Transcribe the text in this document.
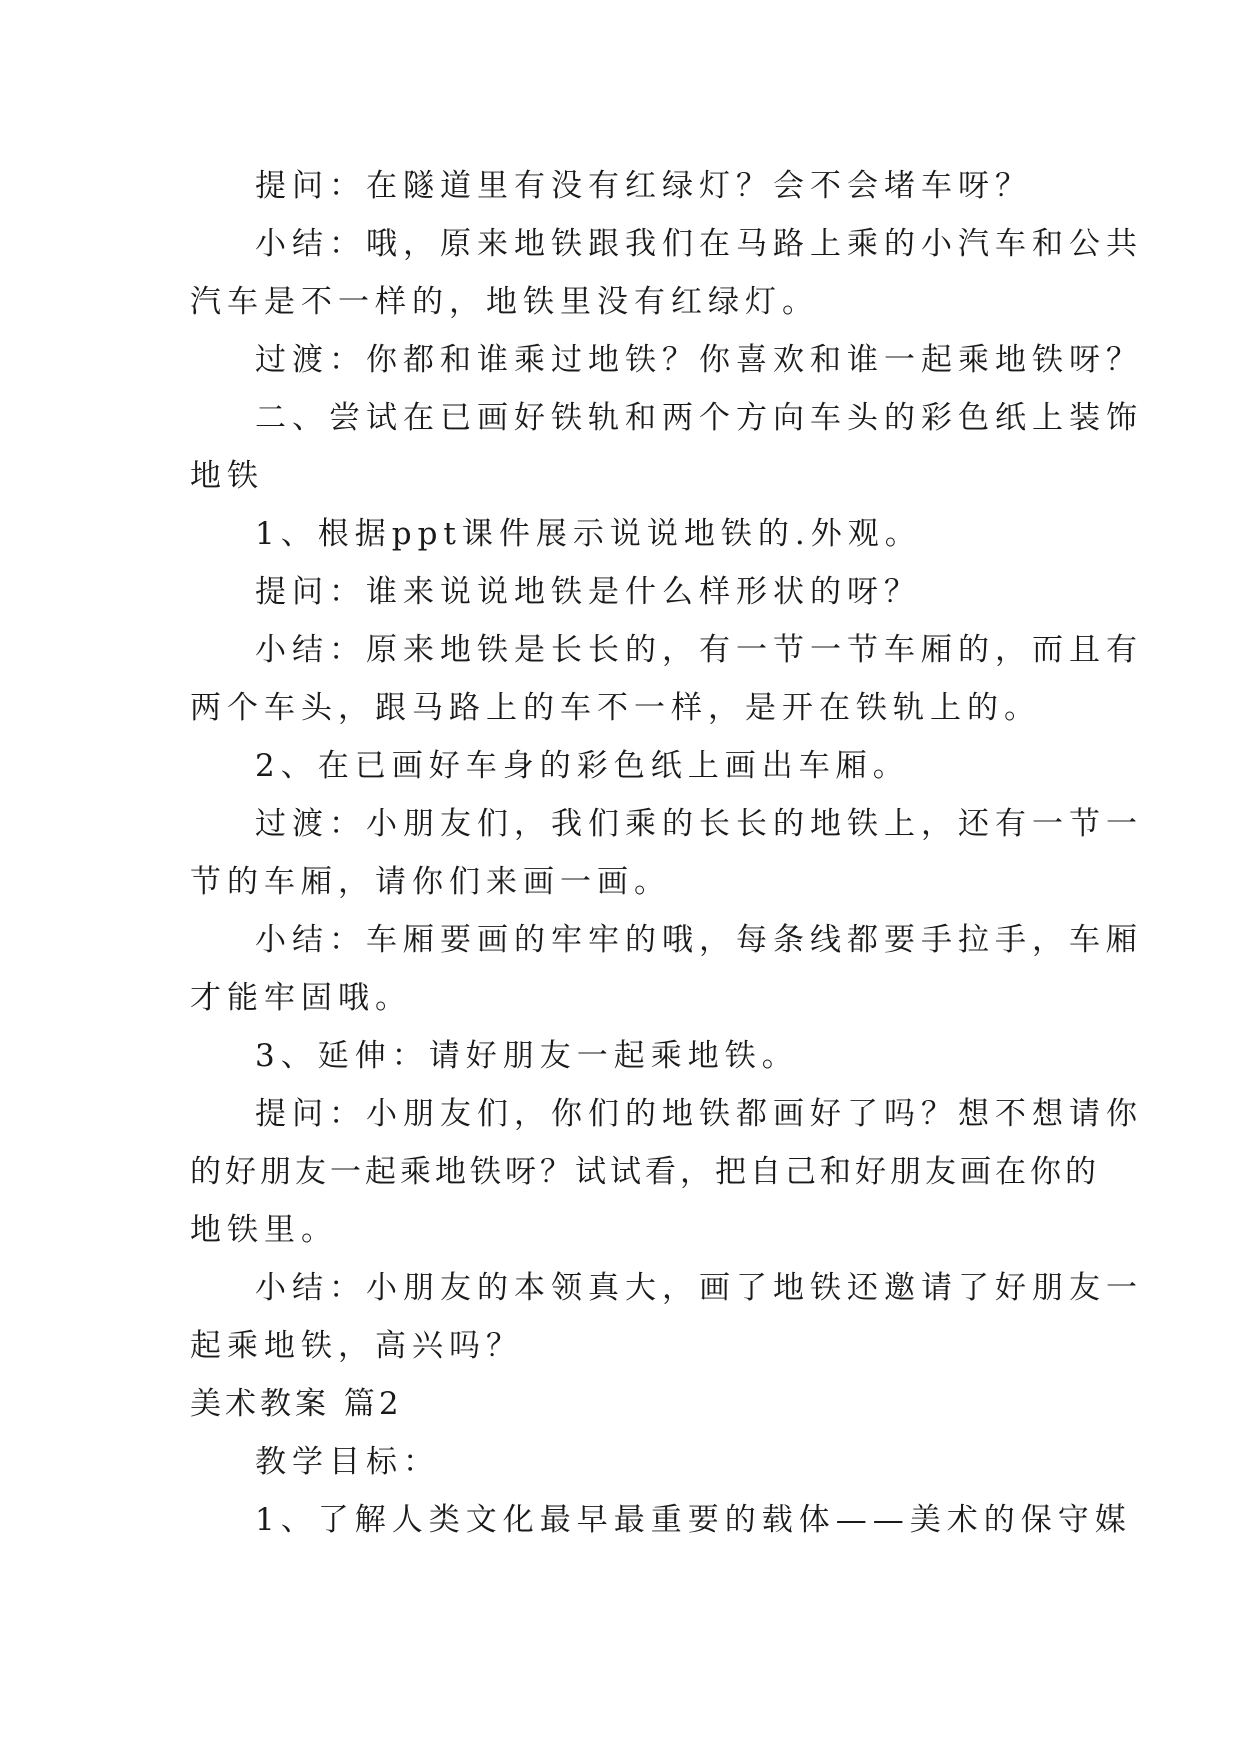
提问：在隧道里有没有红绿灯？会不会堵车呀？
小结：哦，原来地铁跟我们在马路上乘的小汽车和公共
汽车是不一样的，地铁里没有红绿灯。
过渡：你都和谁乘过地铁？你喜欢和谁一起乘地铁呀？
二、尝试在已画好铁轨和两个方向车头的彩色纸上装饰
地铁
1、根据ppt课件展示说说地铁的.外观。
提问：谁来说说地铁是什么样形状的呀？
小结：原来地铁是长长的，有一节一节车厢的，而且有
两个车头，跟马路上的车不一样，是开在铁轨上的。
2、在已画好车身的彩色纸上画出车厢。
过渡：小朋友们，我们乘的长长的地铁上，还有一节一
节的车厢，请你们来画一画。
小结：车厢要画的牢牢的哦，每条线都要手拉手，车厢
才能牢固哦。
3、延伸：请好朋友一起乘地铁。
提问：小朋友们，你们的地铁都画好了吗？想不想请你
的好朋友一起乘地铁呀？试试看，把自己和好朋友画在你的
地铁里。
小结：小朋友的本领真大，画了地铁还邀请了好朋友一
起乘地铁，高兴吗？
美术教案 篇2
教学目标：
1、了解人类文化最早最重要的载体——美术的保守媒
